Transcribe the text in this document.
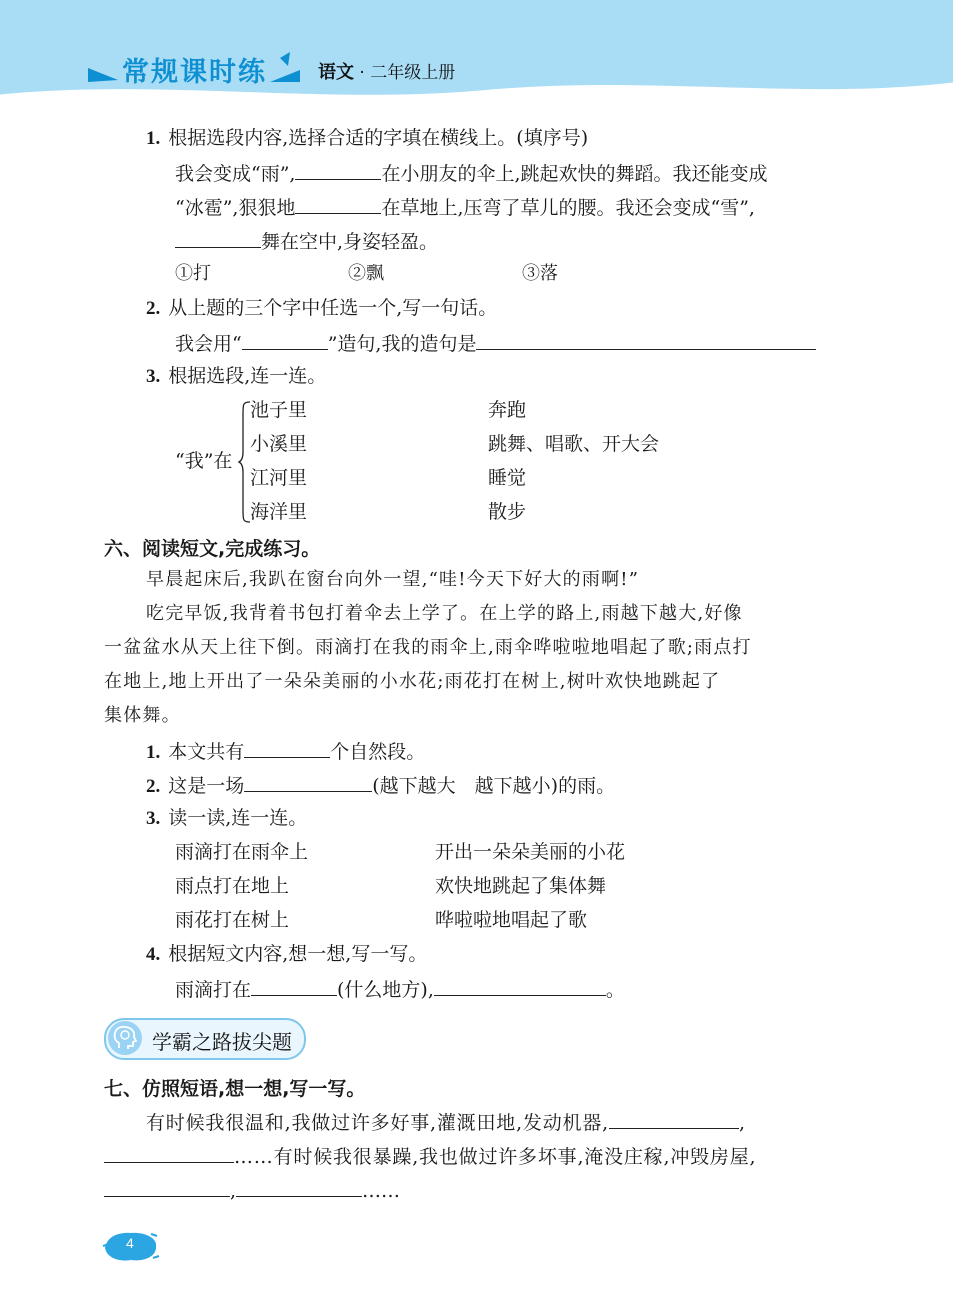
常规课时练	语文 · 二年级上册
1. 根据选段内容,选择合适的字填在横线上。(填序号)
我会变成“雨”,	在小朋友的伞上,跳起欢快的舞蹈。我还能变成
“冰雹”,狠狠地	在草地上,压弯了草儿的腰。我还会变成“雪”,
舞在空中,身姿轻盈。
①打	②飘	③落
2. 从上题的三个字中任选一个,写一句话。
我会用“	”造句,我的造句是
3. 根据选段,连一连。
“我”在
池子里
小溪里
江河里
海洋里
奔跑
跳舞、唱歌、开大会
睡觉
散步
六、阅读短文,完成练习。
早晨起床后,我趴在窗台向外一望,“哇!今天下好大的雨啊!”
吃完早饭,我背着书包打着伞去上学了。在上学的路上,雨越下越大,好像
一盆盆水从天上往下倒。雨滴打在我的雨伞上,雨伞哗啦啦地唱起了歌;雨点打
在地上,地上开出了一朵朵美丽的小水花;雨花打在树上,树叶欢快地跳起了
集体舞。
1. 本文共有	个自然段。
2. 这是一场	(越下越大　越下越小)的雨。
3. 读一读,连一连。
雨滴打在雨伞上
雨点打在地上
雨花打在树上
开出一朵朵美丽的小花
欢快地跳起了集体舞
哗啦啦地唱起了歌
4. 根据短文内容,想一想,写一写。
雨滴打在	(什么地方),	。
学霸之路拔尖题
七、仿照短语,想一想,写一写。
有时候我很温和,我做过许多好事,灌溉田地,发动机器,	,
……有时候我很暴躁,我也做过许多坏事,淹没庄稼,冲毁房屋,
,	……
4
